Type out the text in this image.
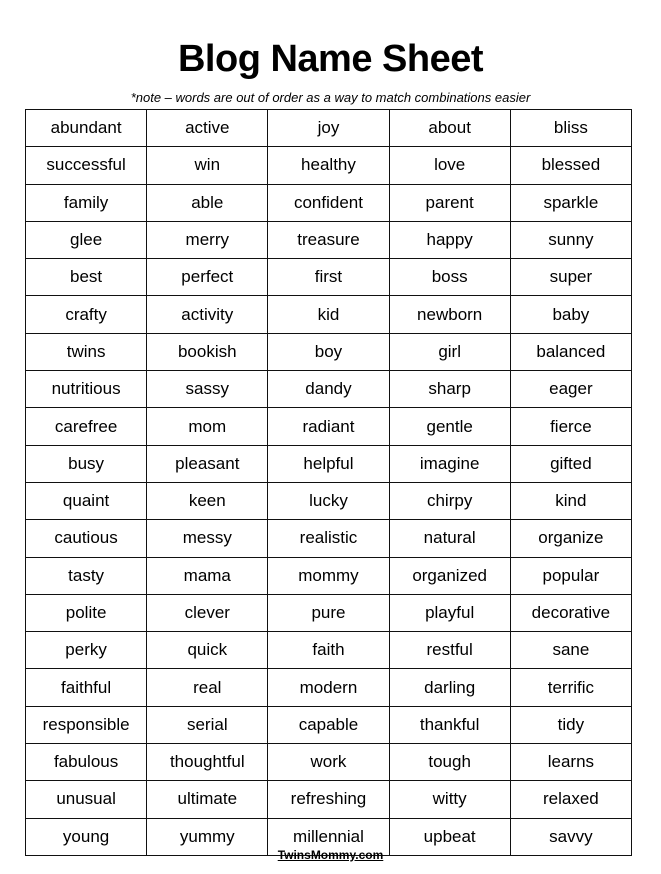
Blog Name Sheet
*note – words are out of order as a way to match combinations easier
abundant	active	joy	about	bliss
successful	win	healthy	love	blessed
family	able	confident	parent	sparkle
glee	merry	treasure	happy	sunny
best	perfect	first	boss	super
crafty	activity	kid	newborn	baby
twins	bookish	boy	girl	balanced
nutritious	sassy	dandy	sharp	eager
carefree	mom	radiant	gentle	fierce
busy	pleasant	helpful	imagine	gifted
quaint	keen	lucky	chirpy	kind
cautious	messy	realistic	natural	organize
tasty	mama	mommy	organized	popular
polite	clever	pure	playful	decorative
perky	quick	faith	restful	sane
faithful	real	modern	darling	terrific
responsible	serial	capable	thankful	tidy
fabulous	thoughtful	work	tough	learns
unusual	ultimate	refreshing	witty	relaxed
young	yummy	millennial	upbeat	savvy
TwinsMommy.com
